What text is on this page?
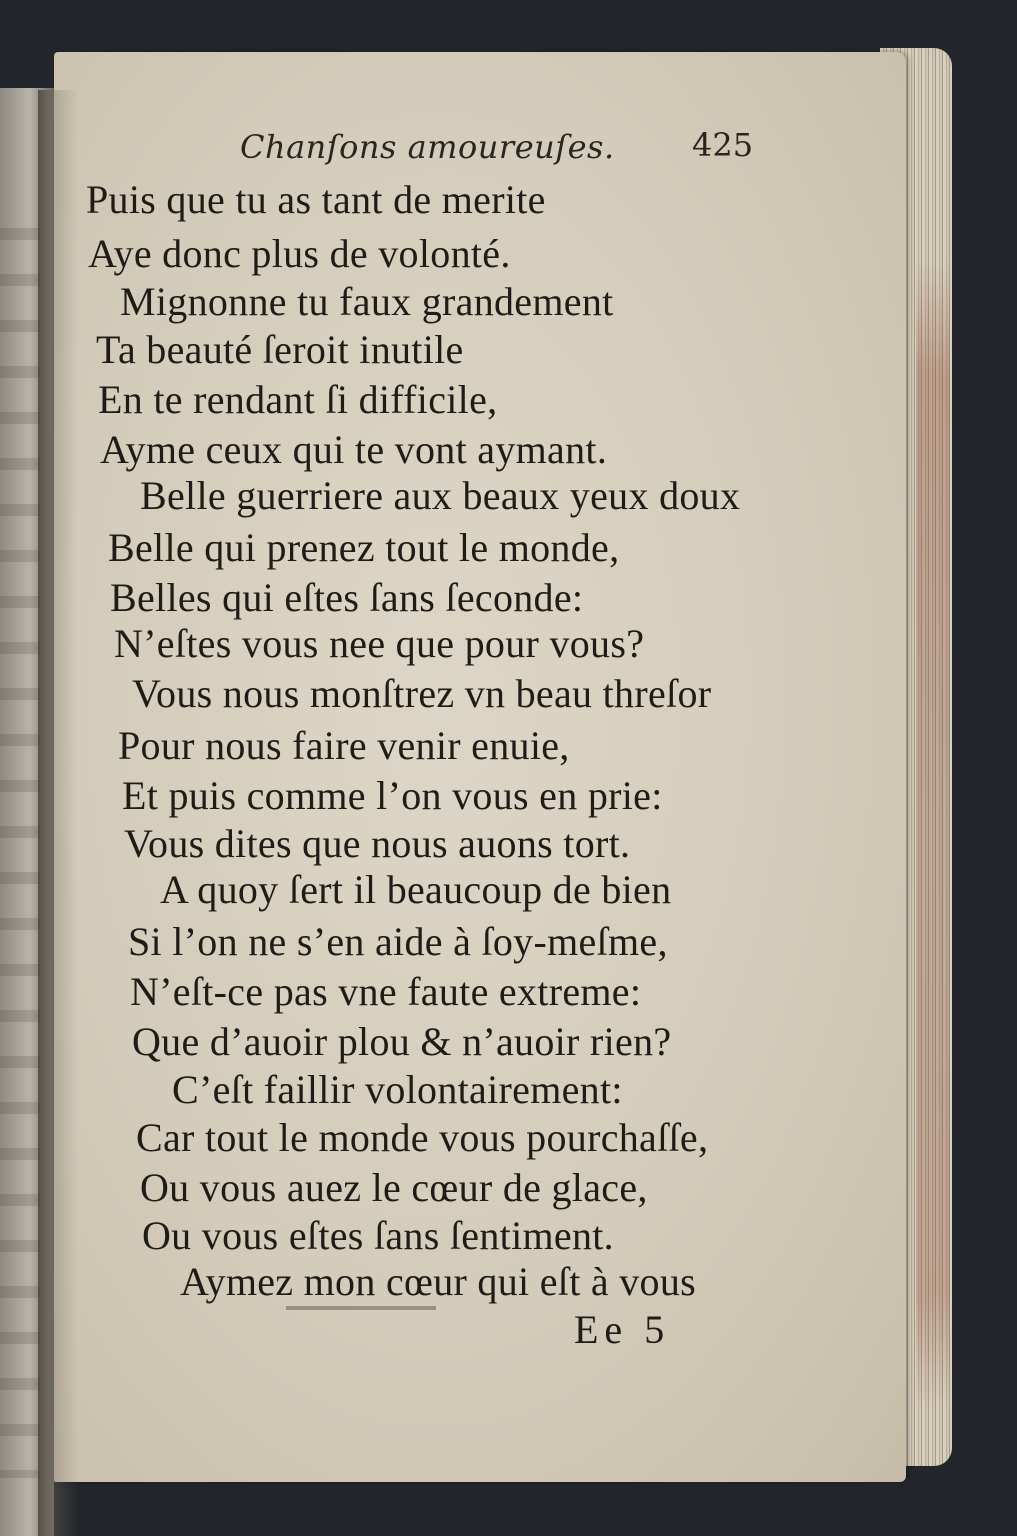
Chanſons amoureuſes. 425
Puis que tu as tant de merite
Aye donc plus de volonté.
Mignonne tu faux grandement
Ta beauté ſeroit inutile
En te rendant ſi difficile,
Ayme ceux qui te vont aymant.
Belle guerriere aux beaux yeux doux
Belle qui prenez tout le monde,
Belles qui eſtes ſans ſeconde:
N’eſtes vous nee que pour vous?
Vous nous monſtrez vn beau threſor
Pour nous faire venir enuie,
Et puis comme l’on vous en prie:
Vous dites que nous auons tort.
A quoy ſert il beaucoup de bien
Si l’on ne s’en aide à ſoy-meſme,
N’eſt-ce pas vne faute extreme:
Que d’auoir plou & n’auoir rien?
C’eſt faillir volontairement:
Car tout le monde vous pourchaſſe,
Ou vous auez le cœur de glace,
Ou vous eſtes ſans ſentiment.
Aymez mon cœur qui eſt à vous
Ee 5
